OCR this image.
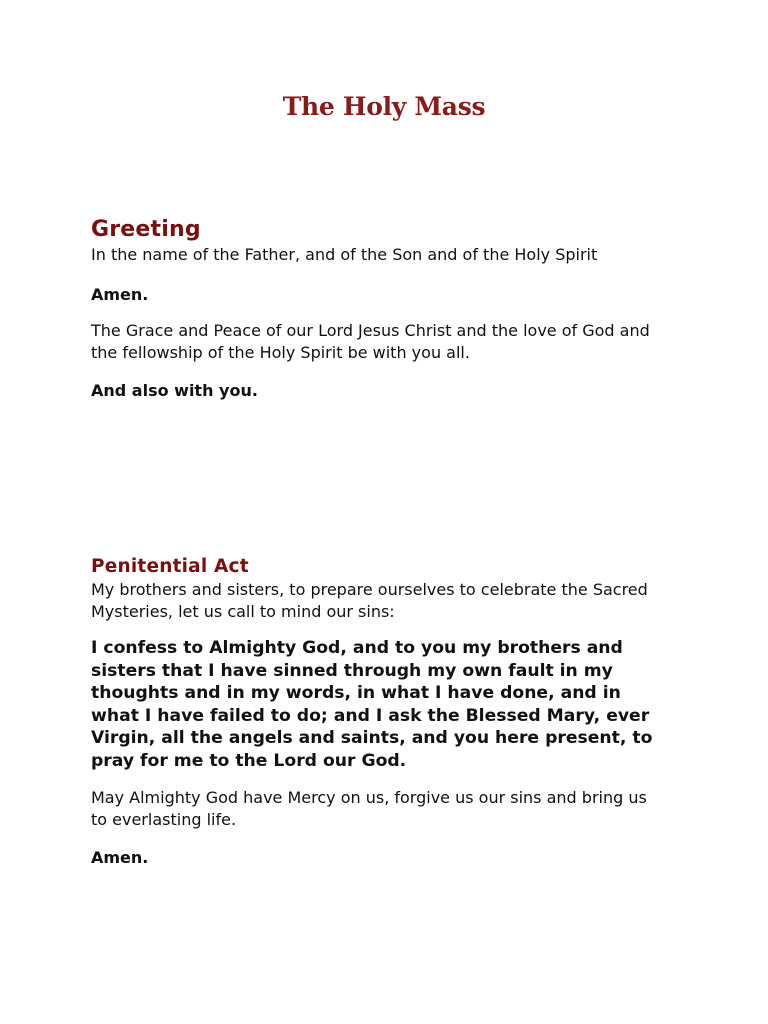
The Holy Mass
Greeting

In the name of the Father, and of the Son and of the Holy Spirit

Amen.

The Grace and Peace of our Lord Jesus Christ and the love of God and the fellowship of the Holy Spirit be with you all.

And also with you.

Penitential Act

My brothers and sisters, to prepare ourselves to celebrate the Sacred Mysteries, let us call to mind our sins:

I confess to Almighty God, and to you my brothers and sisters that I have sinned through my own fault in my thoughts and in my words, in what I have done, and in what I have failed to do; and I ask the Blessed Mary, ever Virgin, all the angels and saints, and you here present, to pray for me to the Lord our God.

May Almighty God have Mercy on us, forgive us our sins and bring us to everlasting life.

Amen.
